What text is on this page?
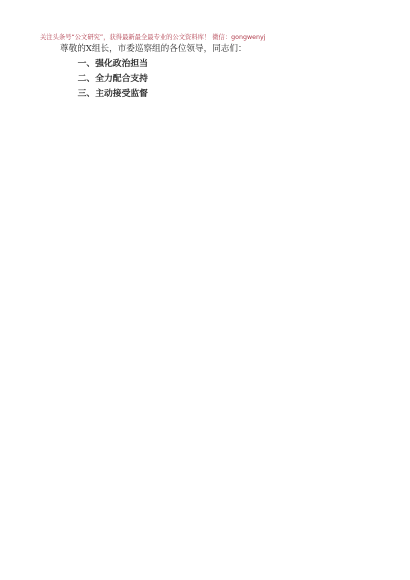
关注头条号“公文研究”，获得最新最全最专业的公文资料库！ 微信：gongwenyj

尊敬的X组长，市委巡察组的各位领导，同志们：

一、强化政治担当

二、全力配合支持

三、主动接受监督
